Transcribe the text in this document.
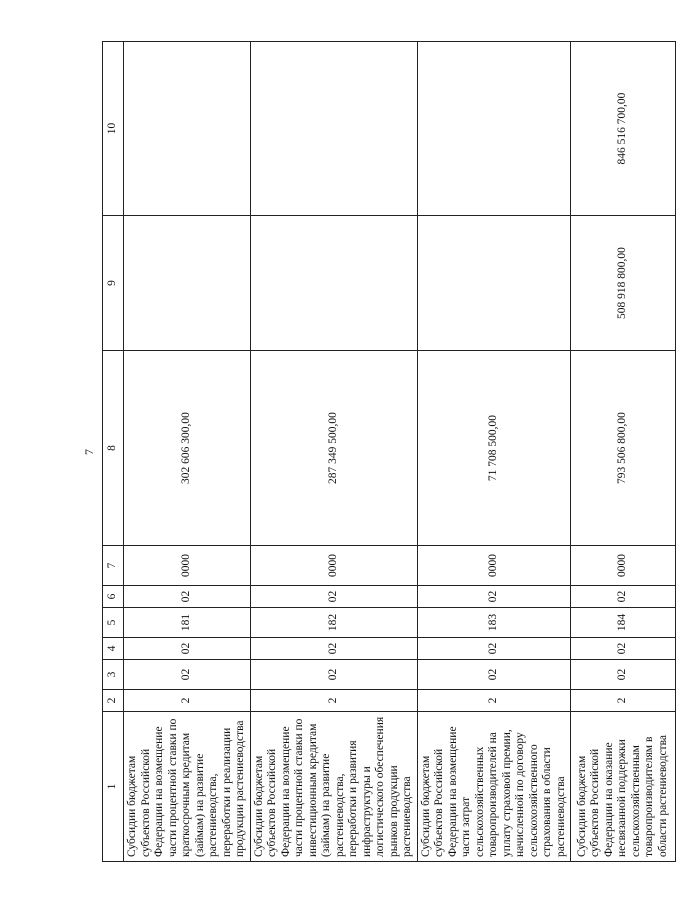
7
1	2	3	4	5	6	7	8	9	10
Субсидии бюджетам субъектов Российской Федерации на возмещение части процентной ставки по краткосрочным кредитам (займам) на развитие растениеводства, переработки и реализации продукции растениеводства	2	02	02	181	02	0000	302 606 300,00		
Субсидии бюджетам субъектов Российской Федерации на возмещение части процентной ставки по инвестиционным кредитам (займам) на развитие растениеводства, переработки и развития инфраструктуры и логистического обеспечения рынков продукции растениеводства	2	02	02	182	02	0000	287 349 500,00		
Субсидии бюджетам субъектов Российской Федерации на возмещение части затрат сельскохозяйственных товаропроизводителей на уплату страховой премии, начисленной по договору сельскохозяйственного страхования в области растениеводства	2	02	02	183	02	0000	71 708 500,00		
Субсидии бюджетам субъектов Российской Федерации на оказание несвязанной поддержки сельскохозяйственным товаропроизводителям в области растениеводства	2	02	02	184	02	0000	793 506 800,00	508 918 800,00	846 516 700,00
